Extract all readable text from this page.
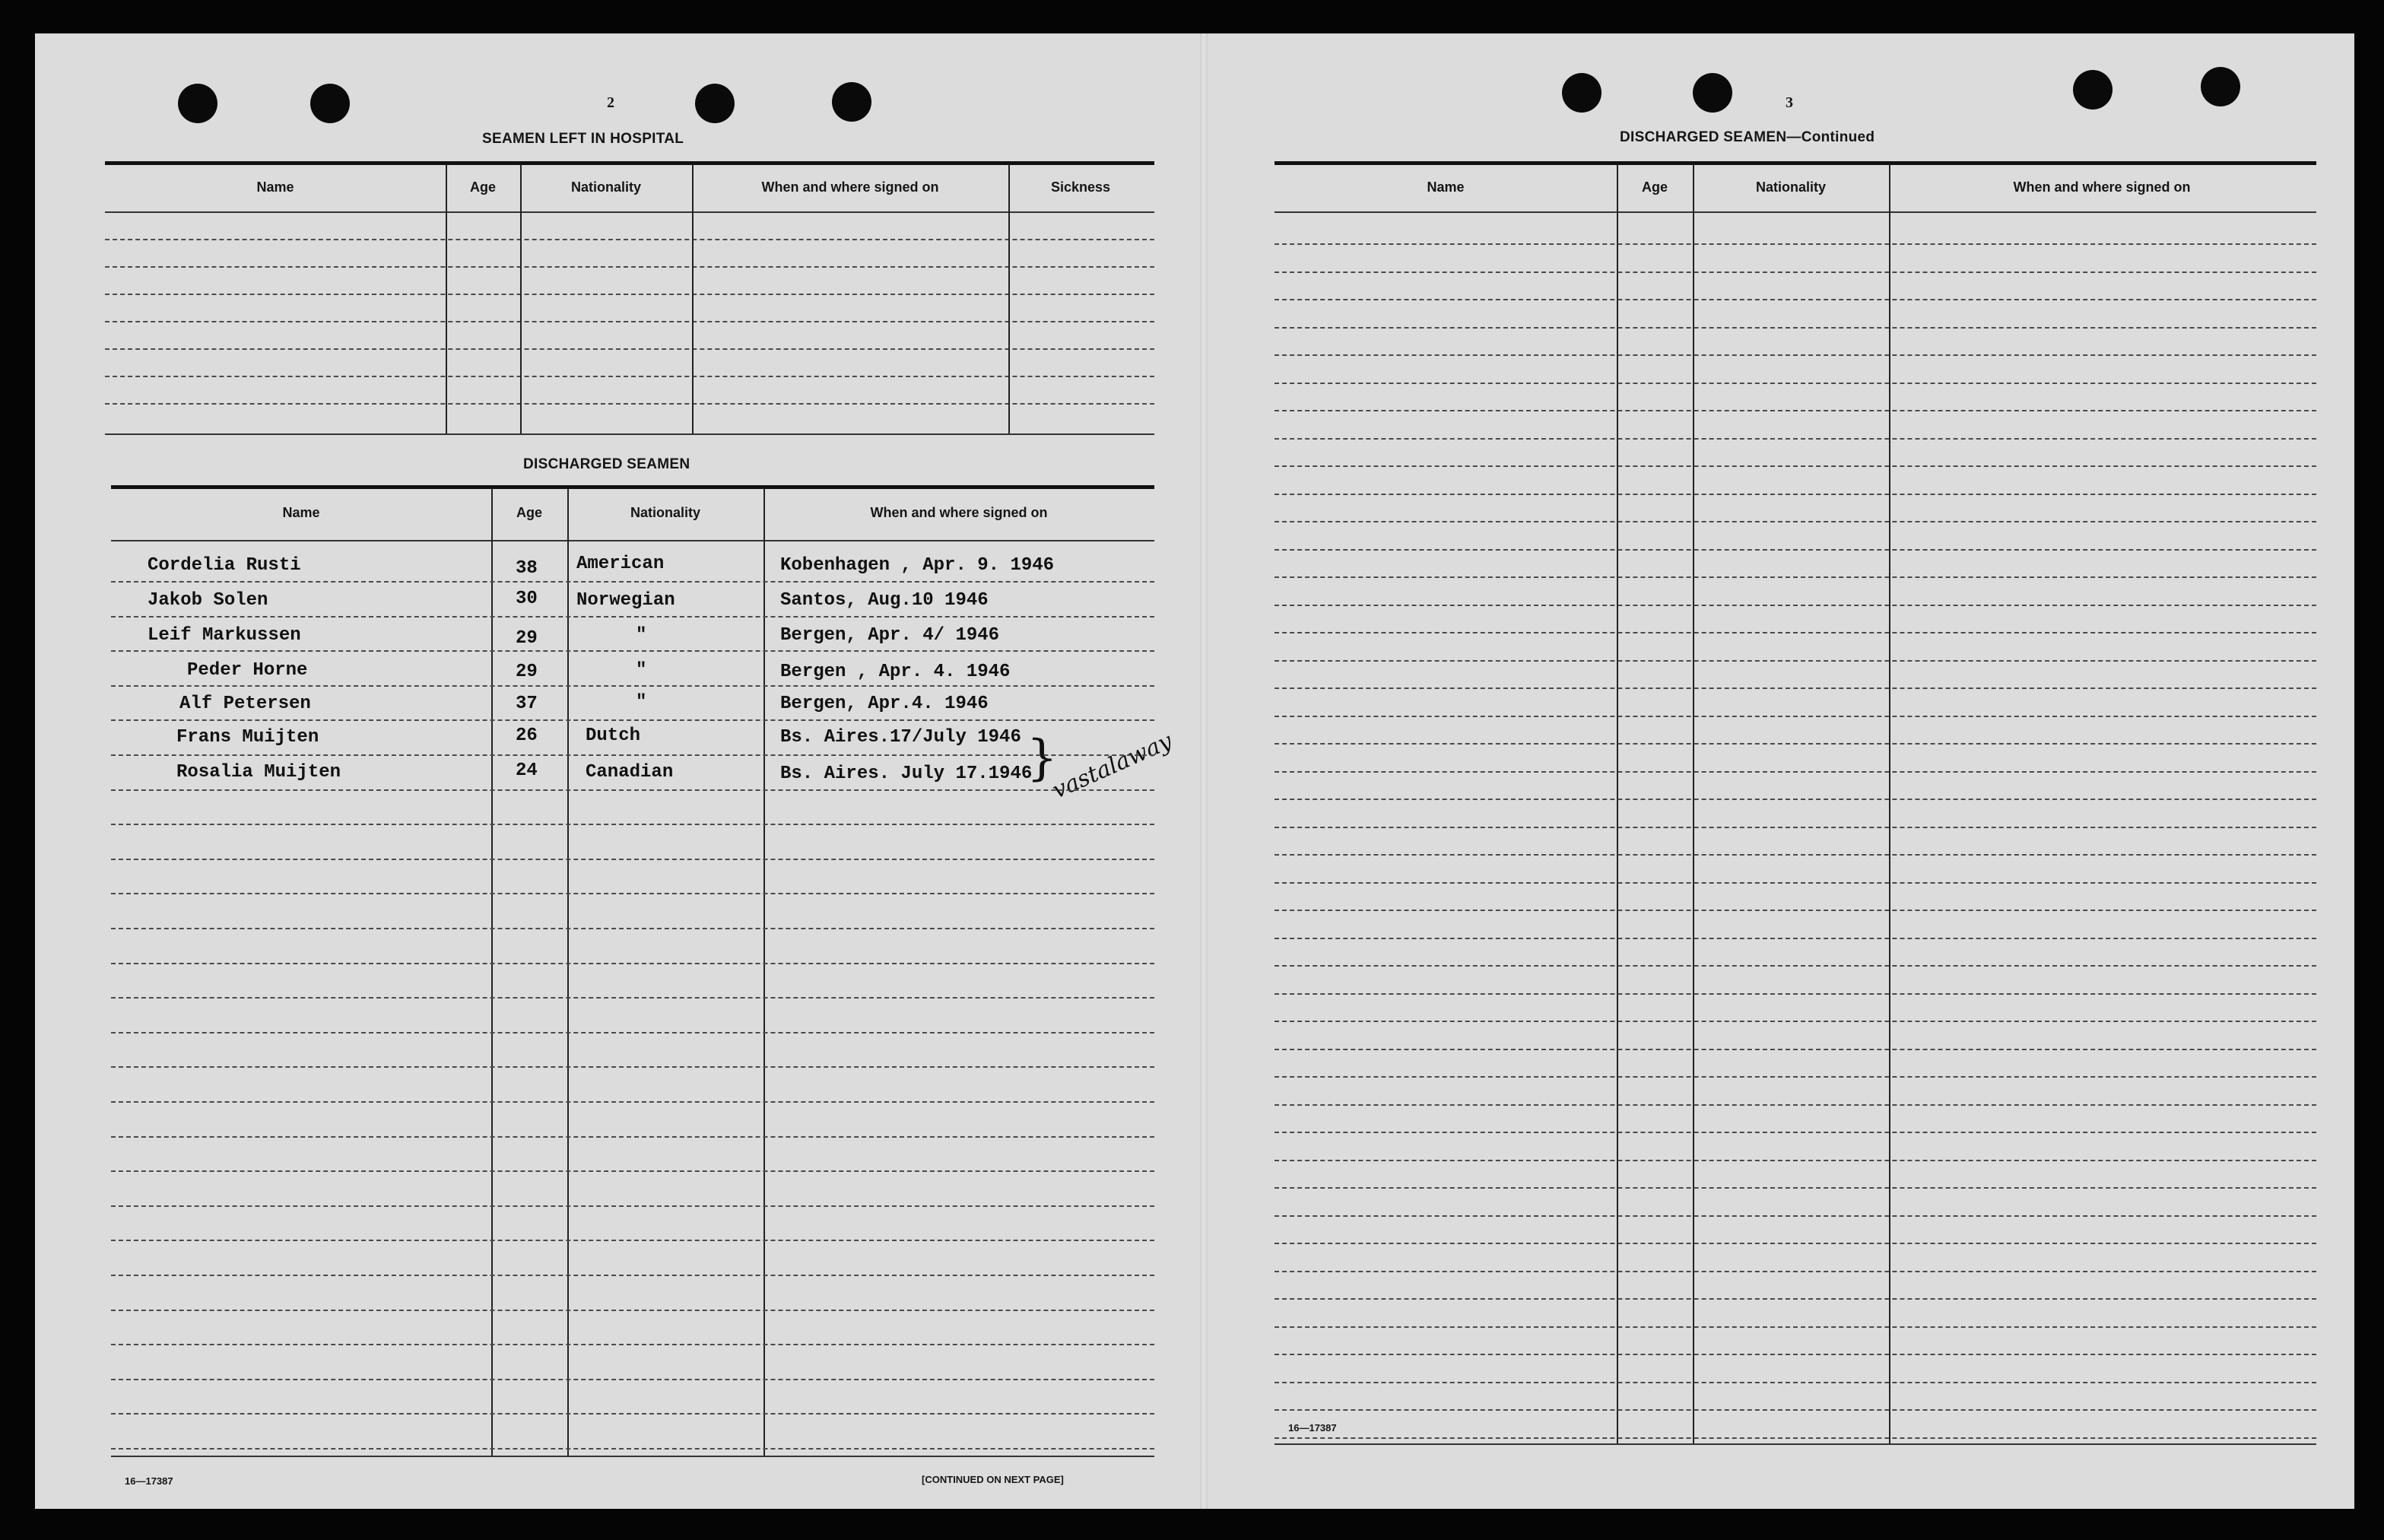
2
SEAMEN LEFT IN HOSPITAL
Name	Age	Nationality	When and where signed on	Sickness
DISCHARGED SEAMEN
Name	Age	Nationality	When and where signed on
Cordelia Rusti	38 American	Kobenhagen , Apr. 9. 1946
Jakob Solen	30 Norwegian	Santos, Aug.10 1946
Leif Markussen	29	"	Bergen, Apr. 4/ 1946
Peder Horne	29	"	Bergen , Apr. 4. 1946
Alf Petersen	37	"	Bergen, Apr.4. 1946
Frans Muijten	26	Dutch	Bs. Aires.17/July 1946
Rosalia Muijten	24	Canadian	Bs. Aires. July 17.1946
}
vastalaway
16—17387	[CONTINUED ON NEXT PAGE]
3
DISCHARGED SEAMEN—Continued
Name	Age	Nationality	When and where signed on
16—17387
